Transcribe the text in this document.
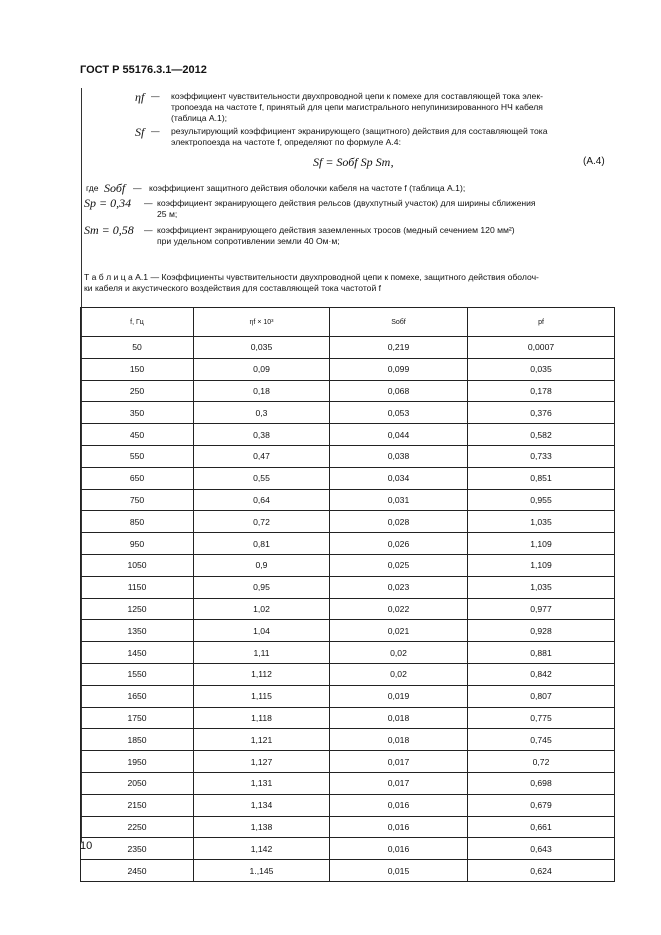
ГОСТ Р 55176.3.1—2012
ηf — коэффициент чувствительности двухпроводной цепи к помехе для составляющей тока элек-
тропоезда на частоте f, принятый для цепи магистрального непупинизированного НЧ кабеля
(таблица А.1);
Sf — результирующий коэффициент экранирующего (защитного) действия для составляющей тока
электропоезда на частоте f, определяют по формуле А.4:
Sf = Sобf Sр Sт,	(A.4)
где Sобf — коэффициент защитного действия оболочки кабеля на частоте f (таблица А.1);
Sр = 0,34 — коэффициент экранирующего действия рельсов (двухпутный участок) для ширины сближения
25 м;
Sт = 0,58 — коэффициент экранирующего действия заземленных тросов (медный сечением 120 мм²)
при удельном сопротивлении земли 40 Ом·м;
Т а б л и ц а А.1 — Коэффициенты чувствительности двухпроводной цепи к помехе, защитного действия оболоч-
ки кабеля и акустического воздействия для составляющей тока частотой f
f, Гц	ηf × 10³	Sобf	pf
50	0,035	0,219	0,0007
150	0,09	0,099	0,035
250	0,18	0,068	0,178
350	0,3	0,053	0,376
450	0,38	0,044	0,582
550	0,47	0,038	0,733
650	0,55	0,034	0,851
750	0,64	0,031	0,955
850	0,72	0,028	1,035
950	0,81	0,026	1,109
1050	0,9	0,025	1,109
1150	0,95	0,023	1,035
1250	1,02	0,022	0,977
1350	1,04	0,021	0,928
1450	1,11	0,02	0,881
1550	1,112	0,02	0,842
1650	1,115	0,019	0,807
1750	1,118	0,018	0,775
1850	1,121	0,018	0,745
1950	1,127	0,017	0,72
2050	1,131	0,017	0,698
2150	1,134	0,016	0,679
2250	1,138	0,016	0,661
2350	1,142	0,016	0,643
2450	1.,145	0,015	0,624
10
